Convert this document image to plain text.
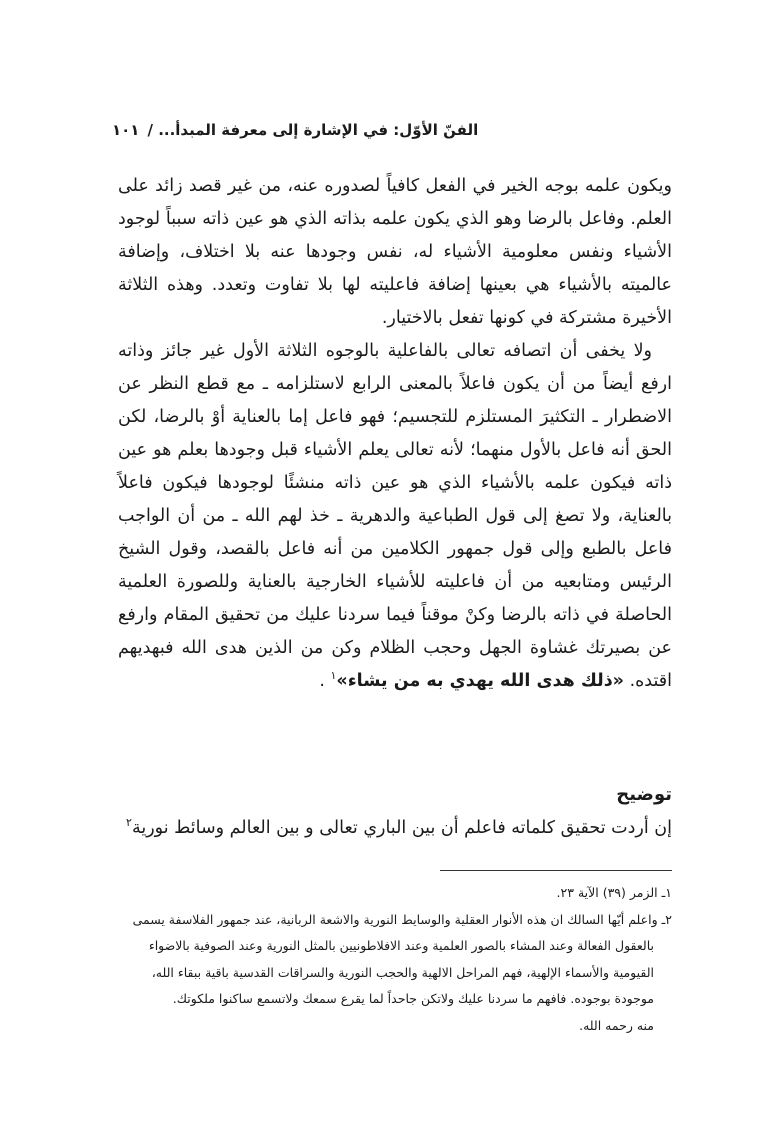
الفنّ الأوّل: في الإشارة إلى معرفة المبدأ...

/
١٠١

ويكون علمه بوجه الخير في الفعل كافياً لصدوره عنه، من غير قصد زائد على العلم. وفاعل بالرضا وهو الذي يكون علمه بذاته الذي هو عين ذاته سبباً لوجود الأشياء ونفس معلومية الأشياء له، نفس وجودها عنه بلا اختلاف، وإضافة عالميته بالأشياء هي بعينها إضافة فاعليته لها بلا تفاوت وتعدد. وهذه الثلاثة الأخيرة مشتركة في كونها تفعل بالاختيار.

ولا يخفى أن اتصافه تعالى بالفاعلية بالوجوه الثلاثة الأول غير جائز وذاته ارفع أيضاً من أن يكون فاعلاً بالمعنى الرابع لاستلزامه ـ مع قطع النظر عن الاضطرار ـ التكثيرَ المستلزم للتجسيم؛ فهو فاعل إما بالعناية أوْ بالرضا، لكن الحق أنه فاعل بالأول منهما؛ لأنه تعالى يعلم الأشياء قبل وجودها بعلم هو عين ذاته فيكون علمه بالأشياء الذي هو عين ذاته منشئًا لوجودها فيكون فاعلاً بالعناية، ولا تصغ إلى قول الطباعية والدهرية ـ خذ لهم الله ـ من أن الواجب فاعل بالطبع وإلى قول جمهور الكلامين من أنه فاعل بالقصد، وقول الشيخ الرئيس ومتابعيه من أن فاعليته للأشياء الخارجية بالعناية وللصورة العلمية الحاصلة في ذاته بالرضا وكنْ موقناً فيما سردنا عليك من تحقيق المقام وارفع عن بصيرتك غشاوة الجهل وحجب الظلام وكن من الذين هدى الله فبهديهم اقتده. «ذلك هدى الله يهدي به من يشاء»$^١$ .

توضيح
إن أردت تحقيق كلماته فاعلم أن بين الباري تعالى و بين العالم وسائط نورية$^٢$

١ـ الزمر (٣٩) الآية ٢٣.

٢ـ واعلم أيّها السالك ان هذه الأنوار العقلية والوسايط النورية والاشعة الربانية، عند جمهور الفلاسفة يسمى

بالعقول الفعالة وعند المشاء بالصور العلمية وعند الافلاطونيين بالمثل النورية وعند الصوفية بالاضواء

القيومية والأسماء الإلهية، فهم المراحل الالهية والحجب النورية والسراقات القدسية باقية ببقاء الله،

موجودة بوجوده. فافهم ما سردنا عليك ولاتكن جاحداً لما يقرع سمعك ولاتسمع ساكنوا ملكوتك.

منه رحمه الله.
